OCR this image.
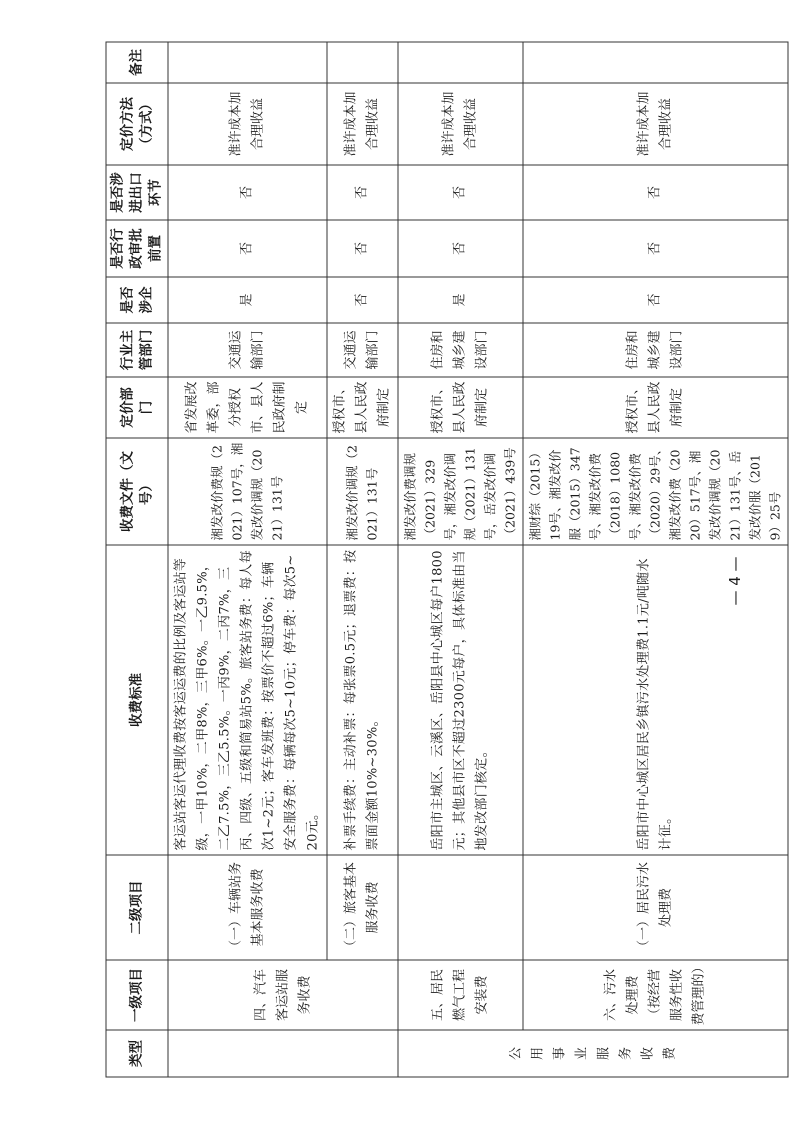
类型	一级项目	二级项目	收费标准	收费文件（文号）	定价部门	行业主管部门	是否涉企	是否行政审批前置	是否涉进出口环节	定价方法（方式）	备注
	四、汽车客运站服务收费	（一）车辆站务基本服务收费	客运站客运代理收费按客运运费的比例及客运站等级，一甲10%，二甲8%，三甲6%。一乙9.5%，二乙7.5%，三乙5.5%。一丙9%，二丙7%，三丙、四级、五级和简易站5%。旅客站务费：每人每次1~2元；客车发班费：按票价不超过6%；车辆安全服务费：每辆每次5~10元；停车费：每次5~20元。	湘发改价费规（2021）107号，湘发改价调规（2021）131号	省发展改革委，部分授权市、县人民政府制定	交通运输部门	是	否	否	准许成本加合理收益	
		（二）旅客基本服务收费	补票手续费：主动补票：每张票0.5元；退票费：按票面金额10%~30%。	湘发改价调规（2021）131号	授权市、县人民政府制定	交通运输部门	否	否	否	准许成本加合理收益	
公用事业服务收费	五、居民燃气工程安装费		岳阳市主城区、云溪区、岳阳县中心城区每户1800元；其他县市区不超过2300元每户，具体标准由当地发改部门核定。	湘发改价费调规（2021）329号，湘发改价调规（2021）131号，岳发改价调（2021）439号	授权市、县人民政府制定	住房和城乡建设部门	是	否	否	准许成本加合理收益	
	六、污水处理费（按经营服务性收费管理的）	（一）居民污水处理费	岳阳市中心城区居民乡镇污水处理费1.1元/吨随水计征。	湘财综（2015）19号、湘发改价服（2015）347号、湘发改价费（2018）1080号、湘发改价费（2020）29号、湘发改价费（2020）517号、湘发改价调规（2021）131号、岳发改价服（2019）25号	授权市、县人民政府制定	住房和城乡建设部门	否	否	否	准许成本加合理收益	
— 4 —
